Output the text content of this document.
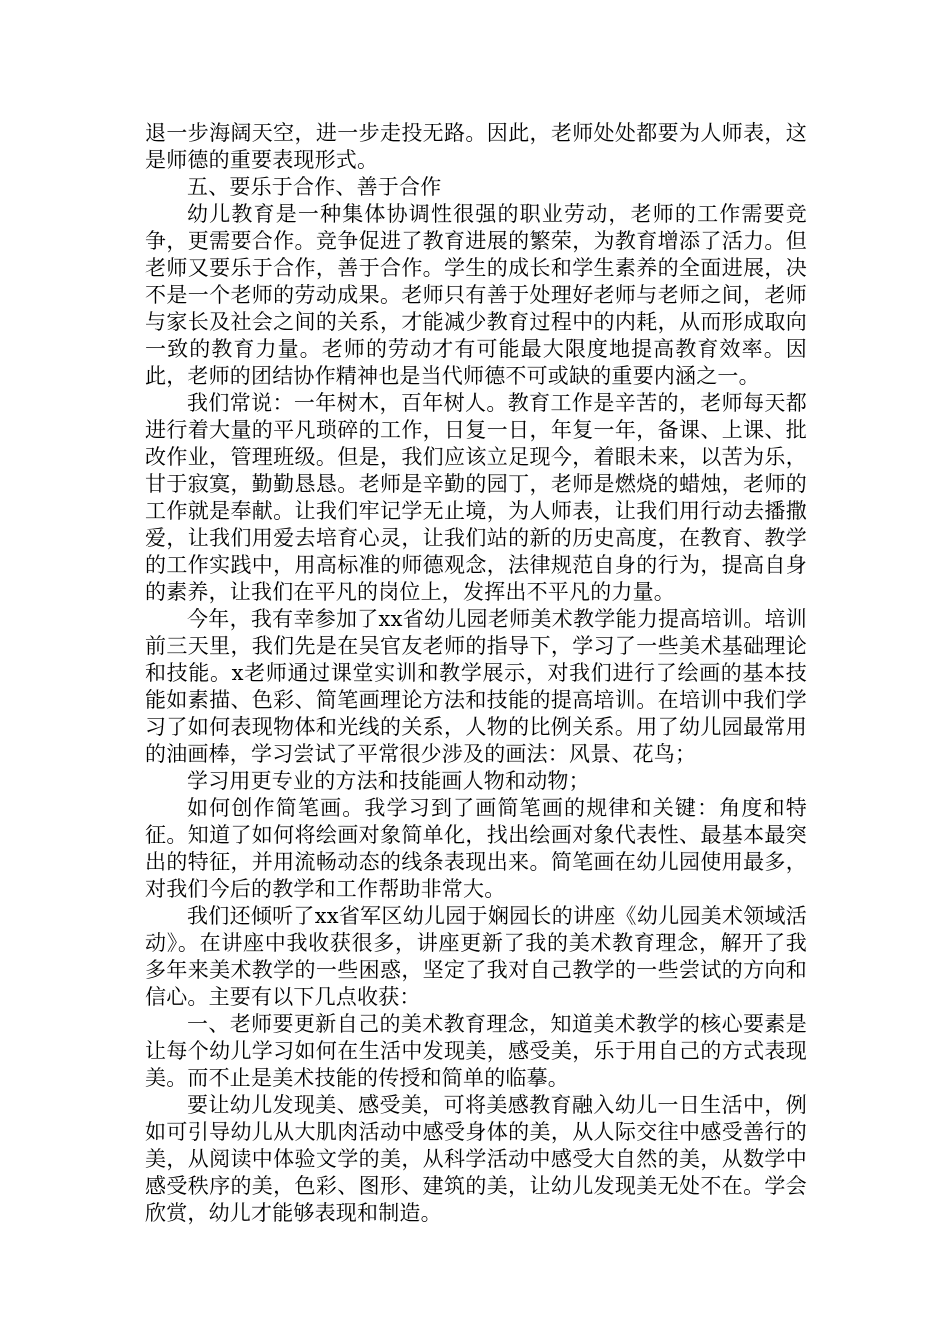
退一步海阔天空，进一步走投无路。因此，老师处处都要为人师表，这是师德的重要表现形式。

五、要乐于合作、善于合作

幼儿教育是一种集体协调性很强的职业劳动，老师的工作需要竞争，更需要合作。竞争促进了教育进展的繁荣，为教育增添了活力。但老师又要乐于合作，善于合作。学生的成长和学生素养的全面进展，决不是一个老师的劳动成果。老师只有善于处理好老师与老师之间，老师与家长及社会之间的关系，才能减少教育过程中的内耗，从而形成取向一致的教育力量。老师的劳动才有可能最大限度地提高教育效率。因此，老师的团结协作精神也是当代师德不可或缺的重要内涵之一。

我们常说：一年树木，百年树人。教育工作是辛苦的，老师每天都进行着大量的平凡琐碎的工作，日复一日，年复一年，备课、上课、批改作业，管理班级。但是，我们应该立足现今，着眼未来，以苦为乐，甘于寂寞，勤勤恳恳。老师是辛勤的园丁，老师是燃烧的蜡烛，老师的工作就是奉献。让我们牢记学无止境，为人师表，让我们用行动去播撒爱，让我们用爱去培育心灵，让我们站的新的历史高度，在教育、教学的工作实践中，用高标准的师德观念，法律规范自身的行为，提高自身的素养，让我们在平凡的岗位上，发挥出不平凡的力量。

今年，我有幸参加了xx省幼儿园老师美术教学能力提高培训。培训前三天里，我们先是在吴官友老师的指导下，学习了一些美术基础理论和技能。x老师通过课堂实训和教学展示，对我们进行了绘画的基本技能如素描、色彩、简笔画理论方法和技能的提高培训。在培训中我们学习了如何表现物体和光线的关系，人物的比例关系。用了幼儿园最常用的油画棒，学习尝试了平常很少涉及的画法：风景、花鸟；

学习用更专业的方法和技能画人物和动物；

如何创作简笔画。我学习到了画简笔画的规律和关键：角度和特征。知道了如何将绘画对象简单化，找出绘画对象代表性、最基本最突出的特征，并用流畅动态的线条表现出来。简笔画在幼儿园使用最多，对我们今后的教学和工作帮助非常大。

我们还倾听了xx省军区幼儿园于娴园长的讲座《幼儿园美术领域活动》。在讲座中我收获很多，讲座更新了我的美术教育理念，解开了我多年来美术教学的一些困惑，坚定了我对自己教学的一些尝试的方向和信心。主要有以下几点收获：

一、老师要更新自己的美术教育理念，知道美术教学的核心要素是让每个幼儿学习如何在生活中发现美，感受美，乐于用自己的方式表现美。而不止是美术技能的传授和简单的临摹。

要让幼儿发现美、感受美，可将美感教育融入幼儿一日生活中，例如可引导幼儿从大肌肉活动中感受身体的美，从人际交往中感受善行的美，从阅读中体验文学的美，从科学活动中感受大自然的美，从数学中感受秩序的美，色彩、图形、建筑的美，让幼儿发现美无处不在。学会欣赏，幼儿才能够表现和制造。
